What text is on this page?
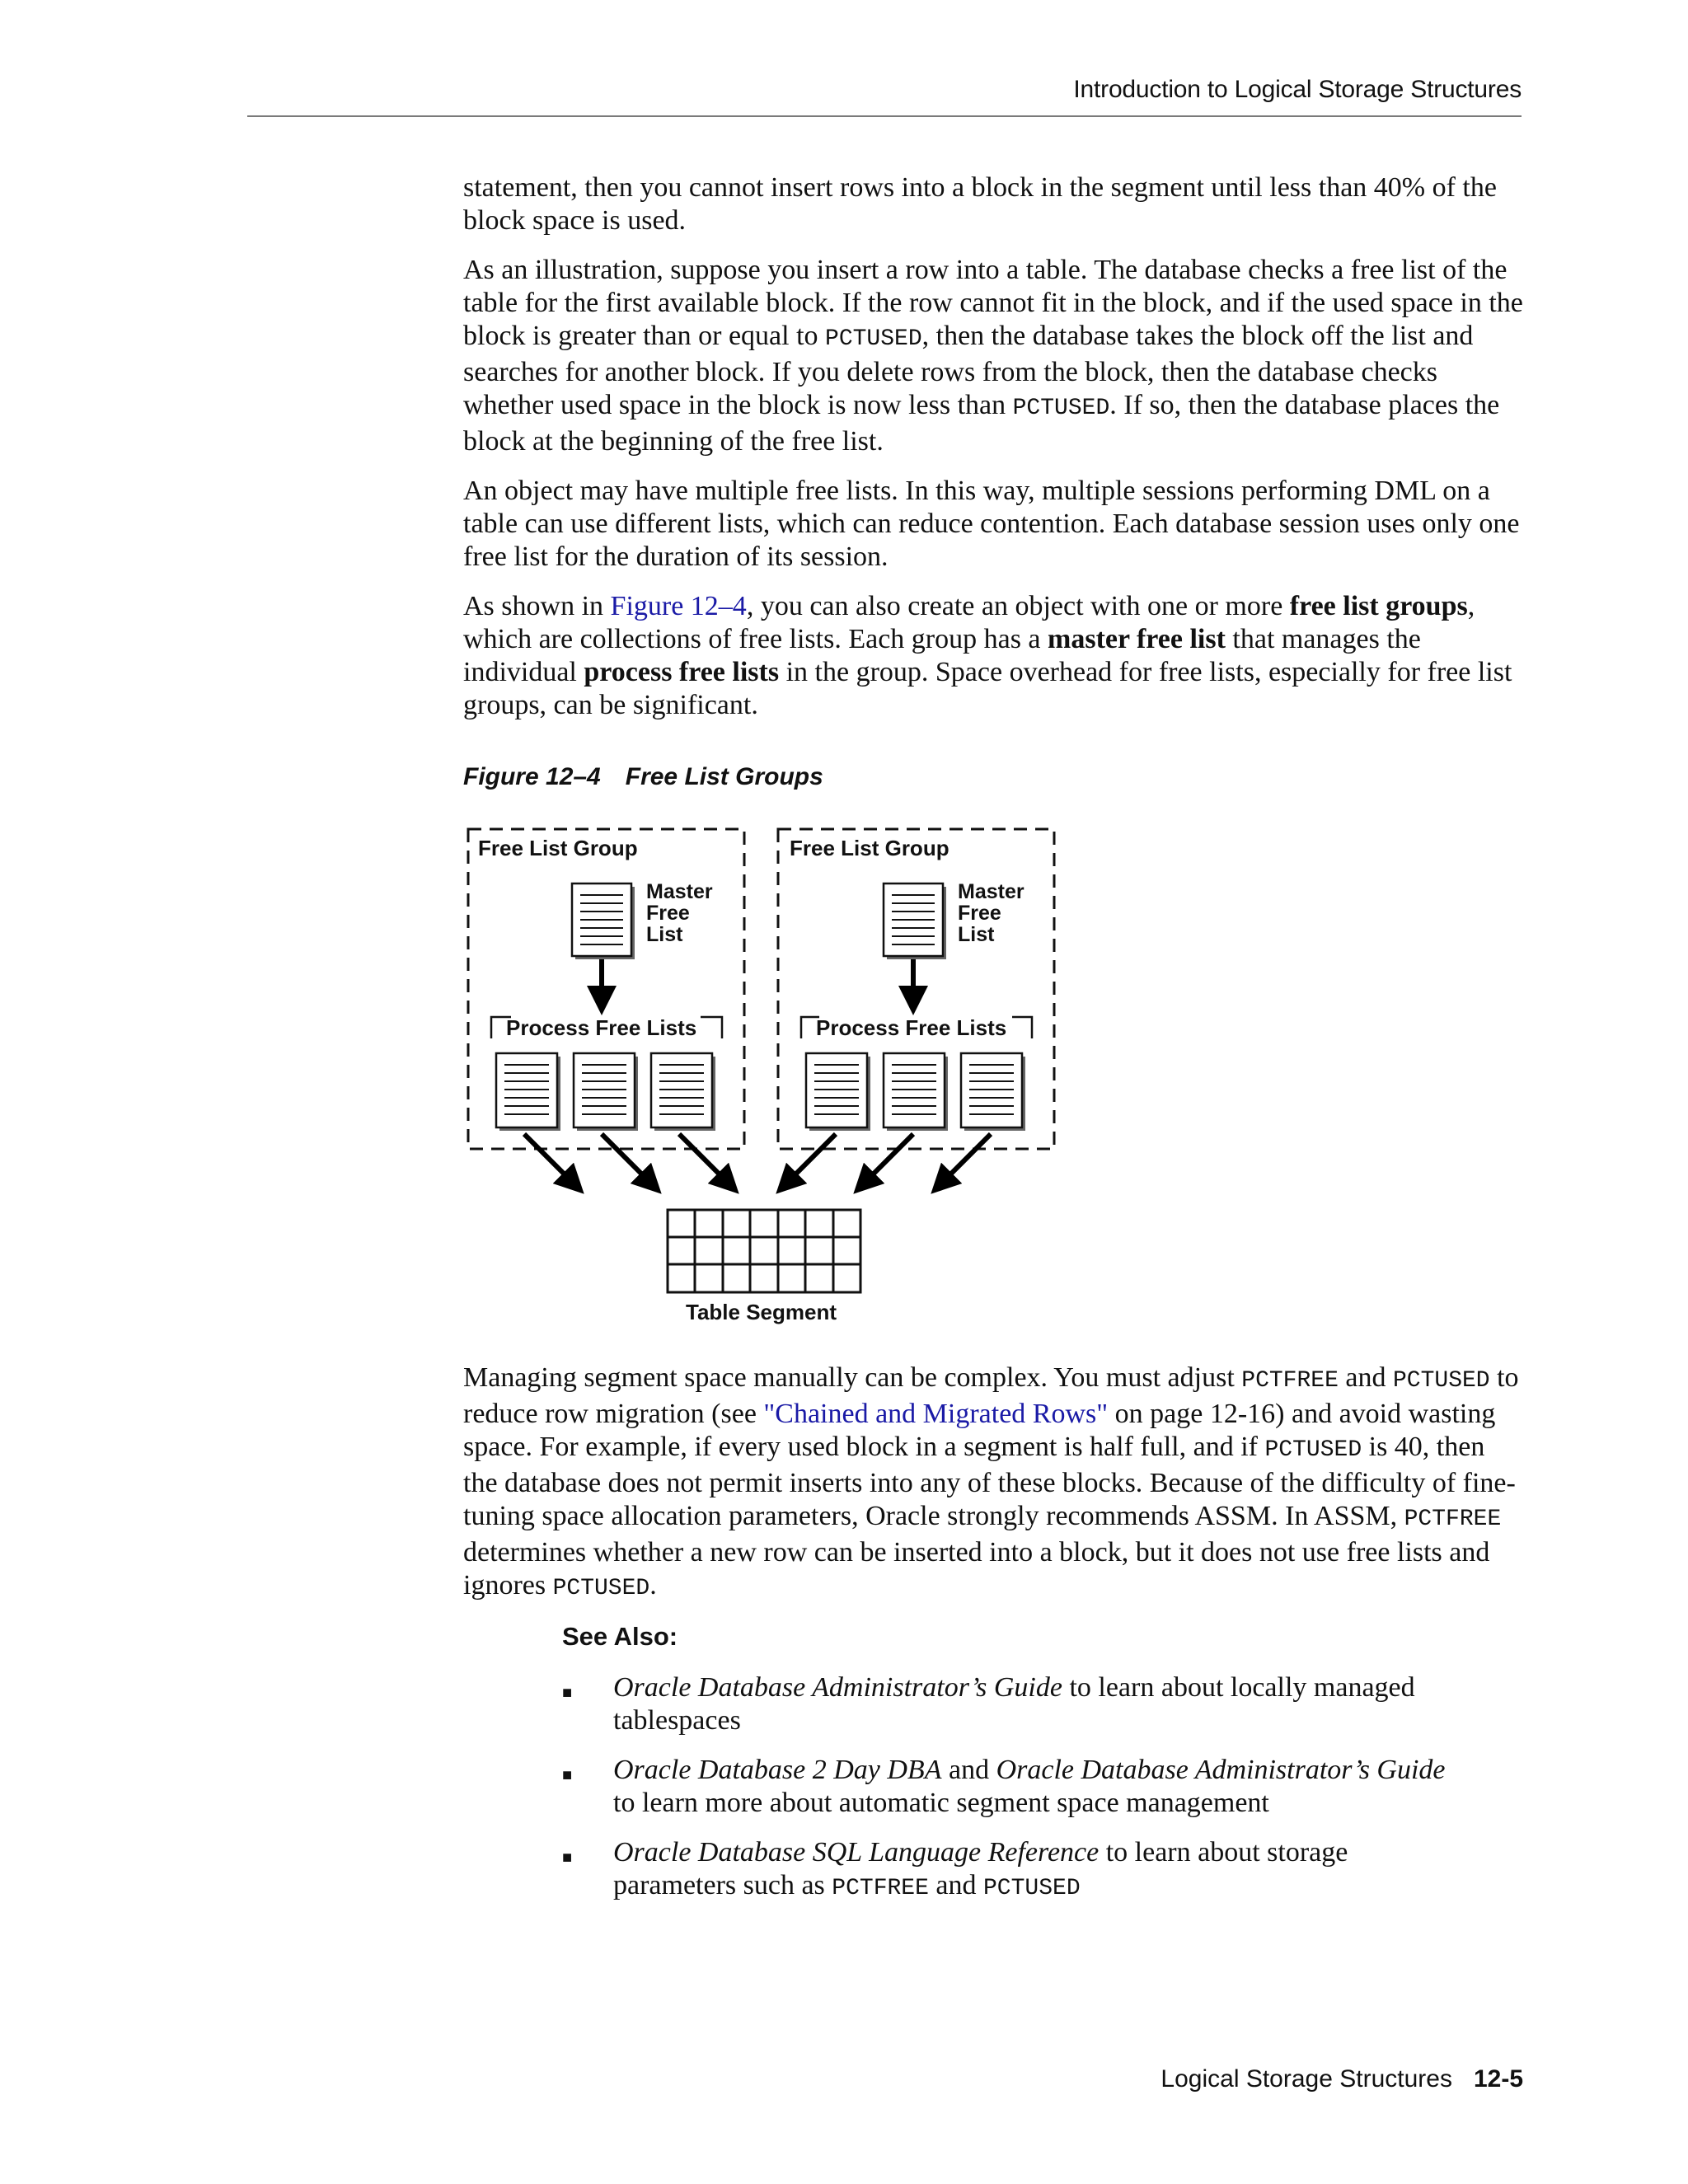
Introduction to Logical Storage Structures

statement, then you cannot insert rows into a block in the segment until less than 40% of the block space is used.

As an illustration, suppose you insert a row into a table. The database checks a free list of the table for the first available block. If the row cannot fit in the block, and if the used space in the block is greater than or equal to PCTUSED, then the database takes the block off the list and searches for another block. If you delete rows from the block, then the database checks whether used space in the block is now less than PCTUSED. If so, then the database places the block at the beginning of the free list.

An object may have multiple free lists. In this way, multiple sessions performing DML on a table can use different lists, which can reduce contention. Each database session uses only one free list for the duration of its session.

As shown in Figure 12–4, you can also create an object with one or more free list groups, which are collections of free lists. Each group has a master free list that manages the individual process free lists in the group. Space overhead for free lists, especially for free list groups, can be significant.

Figure 12–4 Free List Groups
Free List Group
Master
Free
List
Process Free Lists
Free List Group
Master
Free
List
Process Free Lists
Table Segment

Managing segment space manually can be complex. You must adjust PCTFREE and PCTUSED to reduce row migration (see "Chained and Migrated Rows" on page 12-16) and avoid wasting space. For example, if every used block in a segment is half full, and if PCTUSED is 40, then the database does not permit inserts into any of these blocks. Because of the difficulty of fine-tuning space allocation parameters, Oracle strongly recommends ASSM. In ASSM, PCTFREE determines whether a new row can be inserted into a block, but it does not use free lists and ignores PCTUSED.

See Also:
■ Oracle Database Administrator’s Guide to learn about locally managed tablespaces
■ Oracle Database 2 Day DBA and Oracle Database Administrator’s Guide to learn more about automatic segment space management
■ Oracle Database SQL Language Reference to learn about storage parameters such as PCTFREE and PCTUSED
Logical Storage Structures 12-5
